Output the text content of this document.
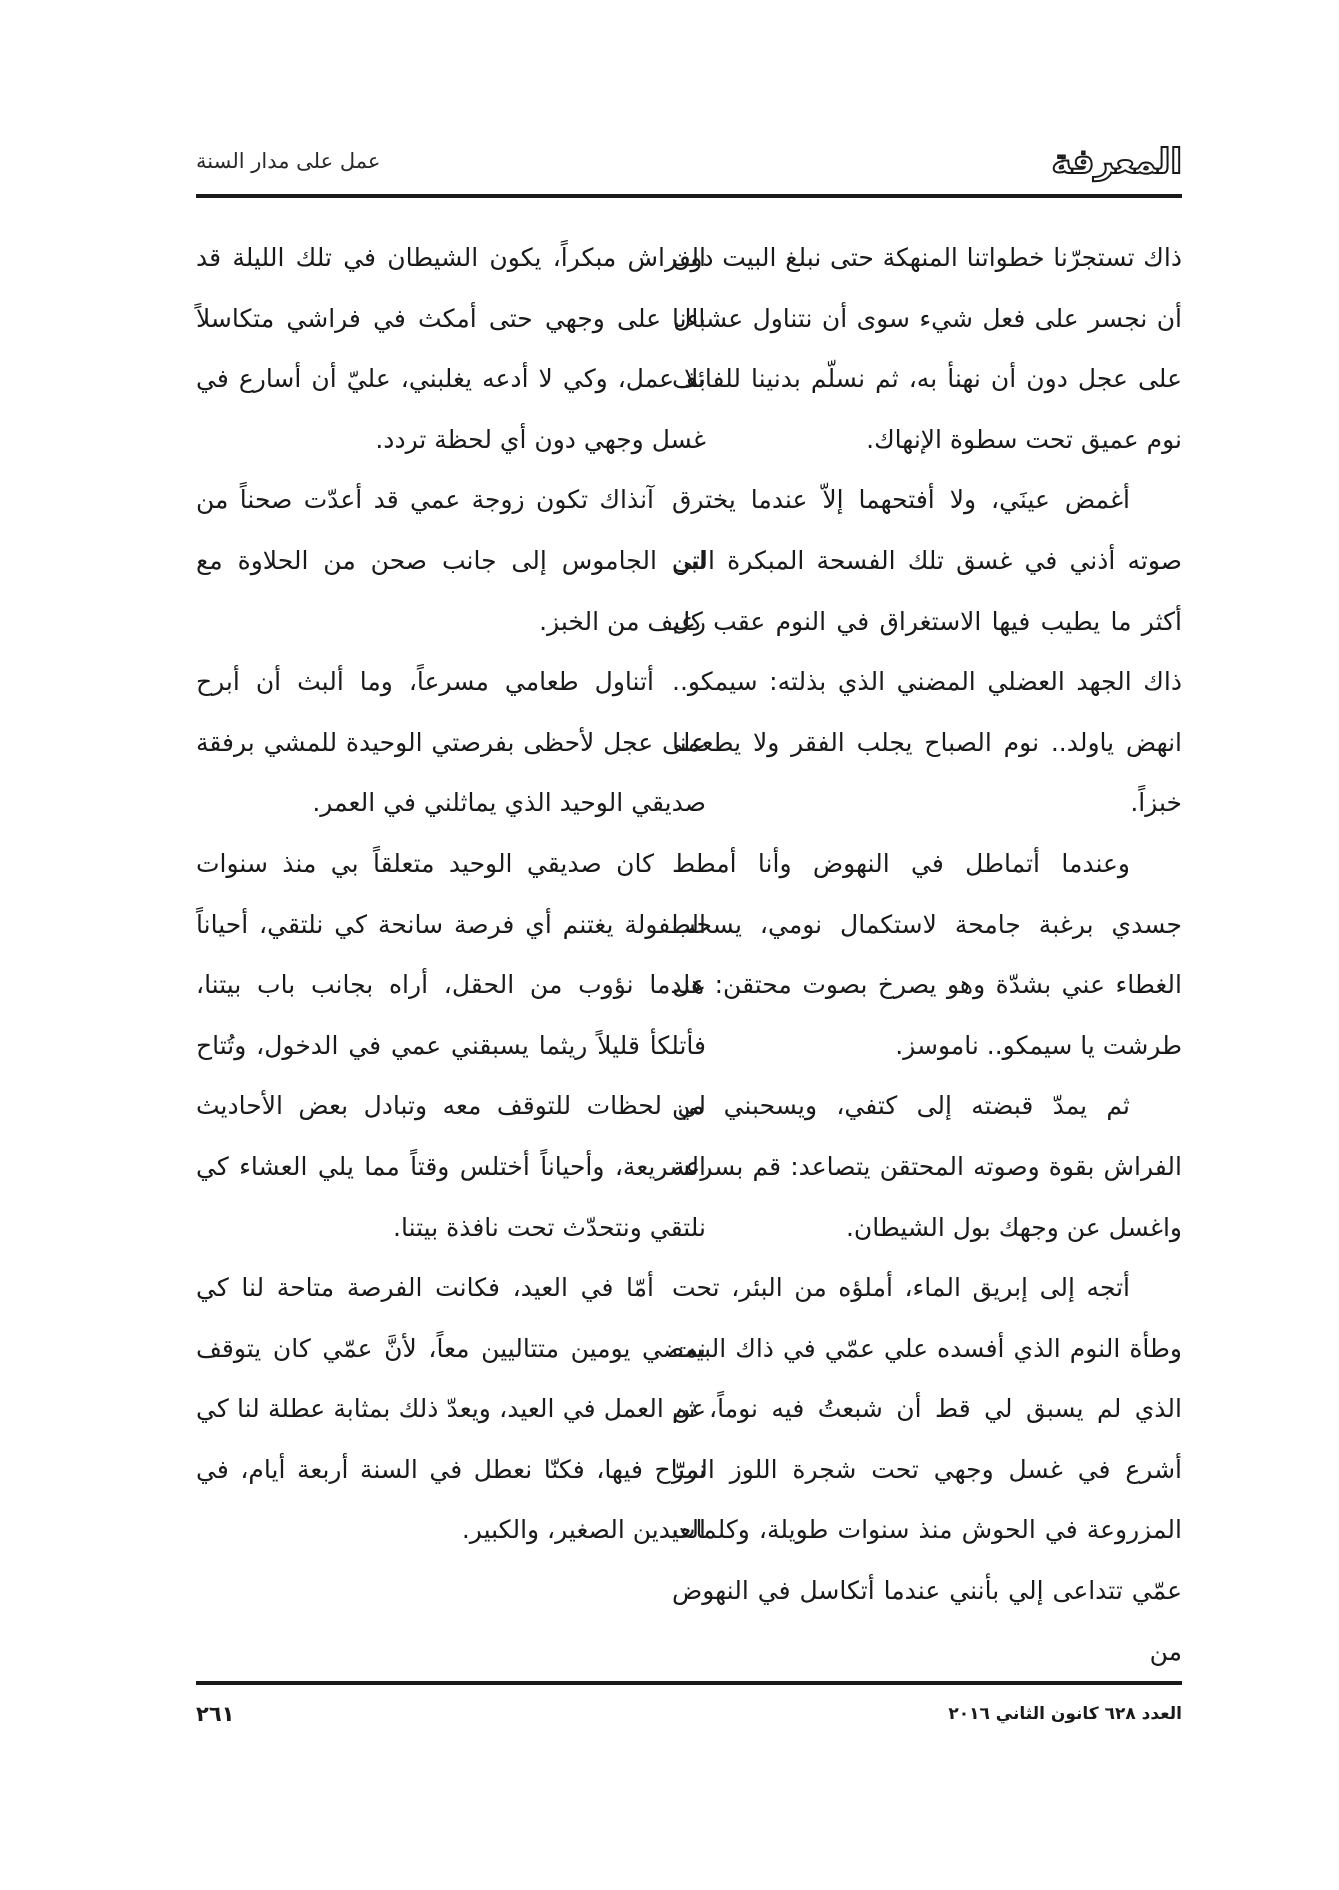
المعرفة
عمل على مدار السنة

ذاك تستجرّنا خطواتنا المنهكة حتى نبلغ البيت دون أن نجسر على فعل شيء سوى أن نتناول عشاءنا على عجل دون أن نهنأ به، ثم نسلّم بدنينا للفائف نوم عميق تحت سطوة الإنهاك.

أغمض عينَي، ولا أفتحهما إلاّ عندما يخترق صوته أذني في غسق تلك الفسحة المبكرة التي أكثر ما يطيب فيها الاستغراق في النوم عقب كل ذاك الجهد العضلي المضني الذي بذلته: سيمكو.. انهض ياولد.. نوم الصباح يجلب الفقر ولا يطعمنا خبزاً.

وعندما أتماطل في النهوض وأنا أمطط جسدي برغبة جامحة لاستكمال نومي، يسحب الغطاء عني بشدّة وهو يصرخ بصوت محتقن: هل طرشت يا سيمكو.. ناموسز.

ثم يمدّ قبضته إلى كتفي، ويسحبني من الفراش بقوة وصوته المحتقن يتصاعد: قم بسرعة واغسل عن وجهك بول الشيطان.

أتجه إلى إبريق الماء، أملؤه من البئر، تحت وطأة النوم الذي أفسده علي عمّي في ذاك البيت الذي لم يسبق لي قط أن شبعتُ فيه نوماً، ثم أشرع في غسل وجهي تحت شجرة اللوز المرّ المزروعة في الحوش منذ سنوات طويلة، وكلمات عمّي تتداعى إلي بأنني عندما أتكاسل في النهوض من

الفراش مبكراً، يكون الشيطان في تلك الليلة قد بال على وجهي حتى أمكث في فراشي متكاسلاً بلا عمل، وكي لا أدعه يغلبني، عليّ أن أسارع في غسل وجهي دون أي لحظة تردد.

آنذاك تكون زوجة عمي قد أعدّت صحناً من لبن الجاموس إلى جانب صحن من الحلاوة مع رغيف من الخبز.

أتناول طعامي مسرعاً، وما ألبث أن أبرح على عجل لأحظى بفرصتي الوحيدة للمشي برفقة صديقي الوحيد الذي يماثلني في العمر.

كان صديقي الوحيد متعلقاً بي منذ سنوات الطفولة يغتنم أي فرصة سانحة كي نلتقي، أحياناً عندما نؤوب من الحقل، أراه بجانب باب بيتنا، فأتلكأ قليلاً ريثما يسبقني عمي في الدخول، وتُتاح لي لحظات للتوقف معه وتبادل بعض الأحاديث السريعة، وأحياناً أختلس وقتاً مما يلي العشاء كي نلتقي ونتحدّث تحت نافذة بيتنا.

أمّا في العيد، فكانت الفرصة متاحة لنا كي نمضي يومين متتاليين معاً، لأنَّ عمّي كان يتوقف عن العمل في العيد، ويعدّ ذلك بمثابة عطلة لنا كي نرتاح فيها، فكنّا نعطل في السنة أربعة أيام، في العيدين الصغير، والكبير.

العدد ٦٢٨ كانون الثاني ٢٠١٦
٢٦١
